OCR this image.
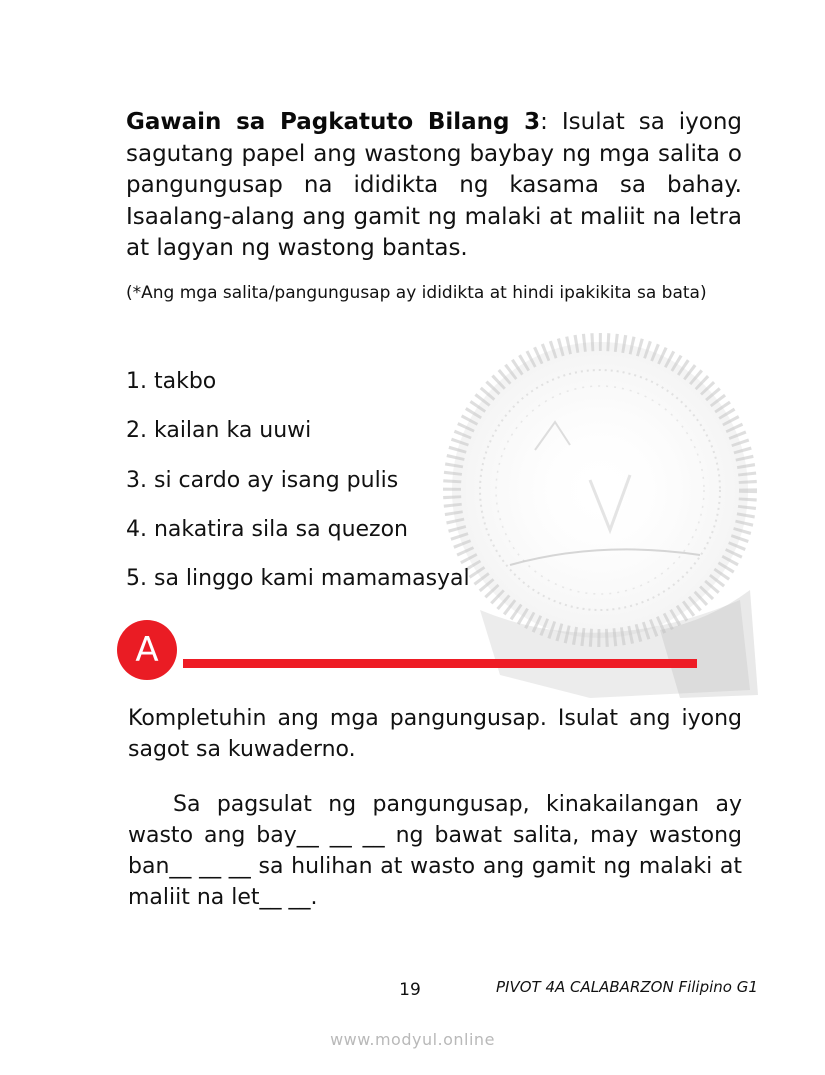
Gawain sa Pagkatuto Bilang 3: Isulat sa iyong sagutang papel ang wastong baybay ng mga salita o pangungusap na ididikta ng kasama sa bahay. Isaalang-alang ang gamit ng malaki at maliit na letra at lagyan ng wastong bantas.
(*Ang mga salita/pangungusap ay ididikta at hindi ipakikita sa bata)
1. takbo
2. kailan ka uuwi
3. si cardo ay isang pulis
4. nakatira sila sa quezon
5. sa linggo kami mamamasyal
A
Kompletuhin ang mga pangungusap. Isulat ang iyong sagot sa kuwaderno.
Sa pagsulat ng pangungusap, kinakailangan ay wasto ang bay__ __ __ ng bawat salita, may wastong ban__ __ __ sa hulihan at wasto ang gamit ng malaki at maliit na let__ __.
19	PIVOT 4A CALABARZON Filipino G1
www.modyul.online
